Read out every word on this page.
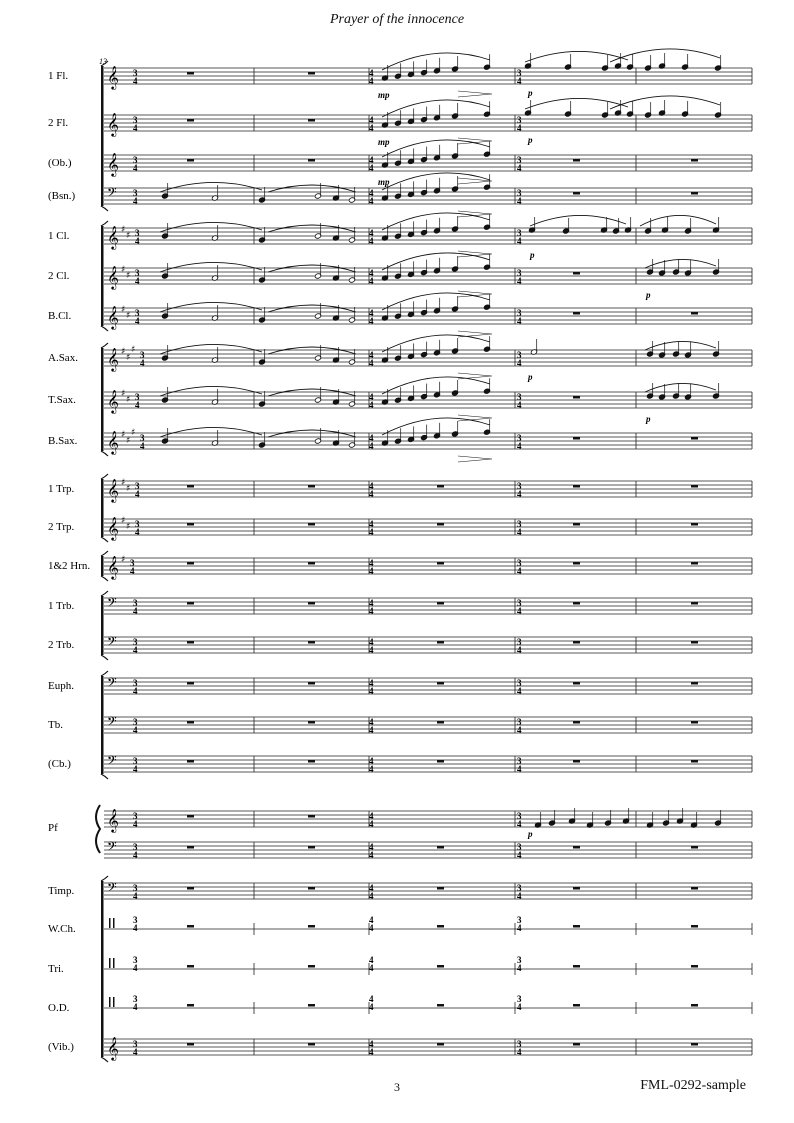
Prayer of the innocence
13
𝄞 3
4
4
4
3
4
1 Fl.
𝄞 3
4
4
4
3
4
2 Fl.
𝄞 3
4
4
4
3
4
(Ob.)
𝄢 3
4
4
4
3
4
(Bsn.)
𝄞 ♯
♯ 3
4
4
4
3
4
1 Cl.
𝄞 ♯
♯ 3
4
4
4
3
4
2 Cl.
𝄞 ♯
♯ 3
4
4
4
3
4
B.Cl.
𝄞 ♯
♯
♯ 3
4
4
4
3
4
A.Sax.
𝄞 ♯
♯ 3
4
4
4
3
4
T.Sax.
𝄞 ♯
♯
♯ 3
4
4
4
3
4
B.Sax.
𝄞 ♯
♯ 3
4
4
4
3
4
1 Trp.
𝄞 ♯
♯ 3
4
4
4
3
4
2 Trp.
𝄞 ♯ 3
4
4
4
3
4
1&2 Hrn.
𝄢 3
4
4
4
3
4
1 Trb.
𝄢 3
4
4
4
3
4
2 Trb.
𝄢 3
4
4
4
3
4
Euph.
𝄢 3
4
4
4
3
4
Tb.
𝄢 3
4
4
4
3
4
(Cb.)
𝄞 3
4
4
4
3
4
Pf
𝄢 3
4
4
4
3
4
𝄢 3
4
4
4
3
4
Timp.
3
4
4
4
3
4
W.Ch.
3
4
4
4
3
4
Tri.
3
4
4
4
3
4
O.D.
𝄞 3
4
4
4
3
4
(Vib.)
mp
mp
mp
p
p
p
p
p
p
p
3	FML-0292-sample
